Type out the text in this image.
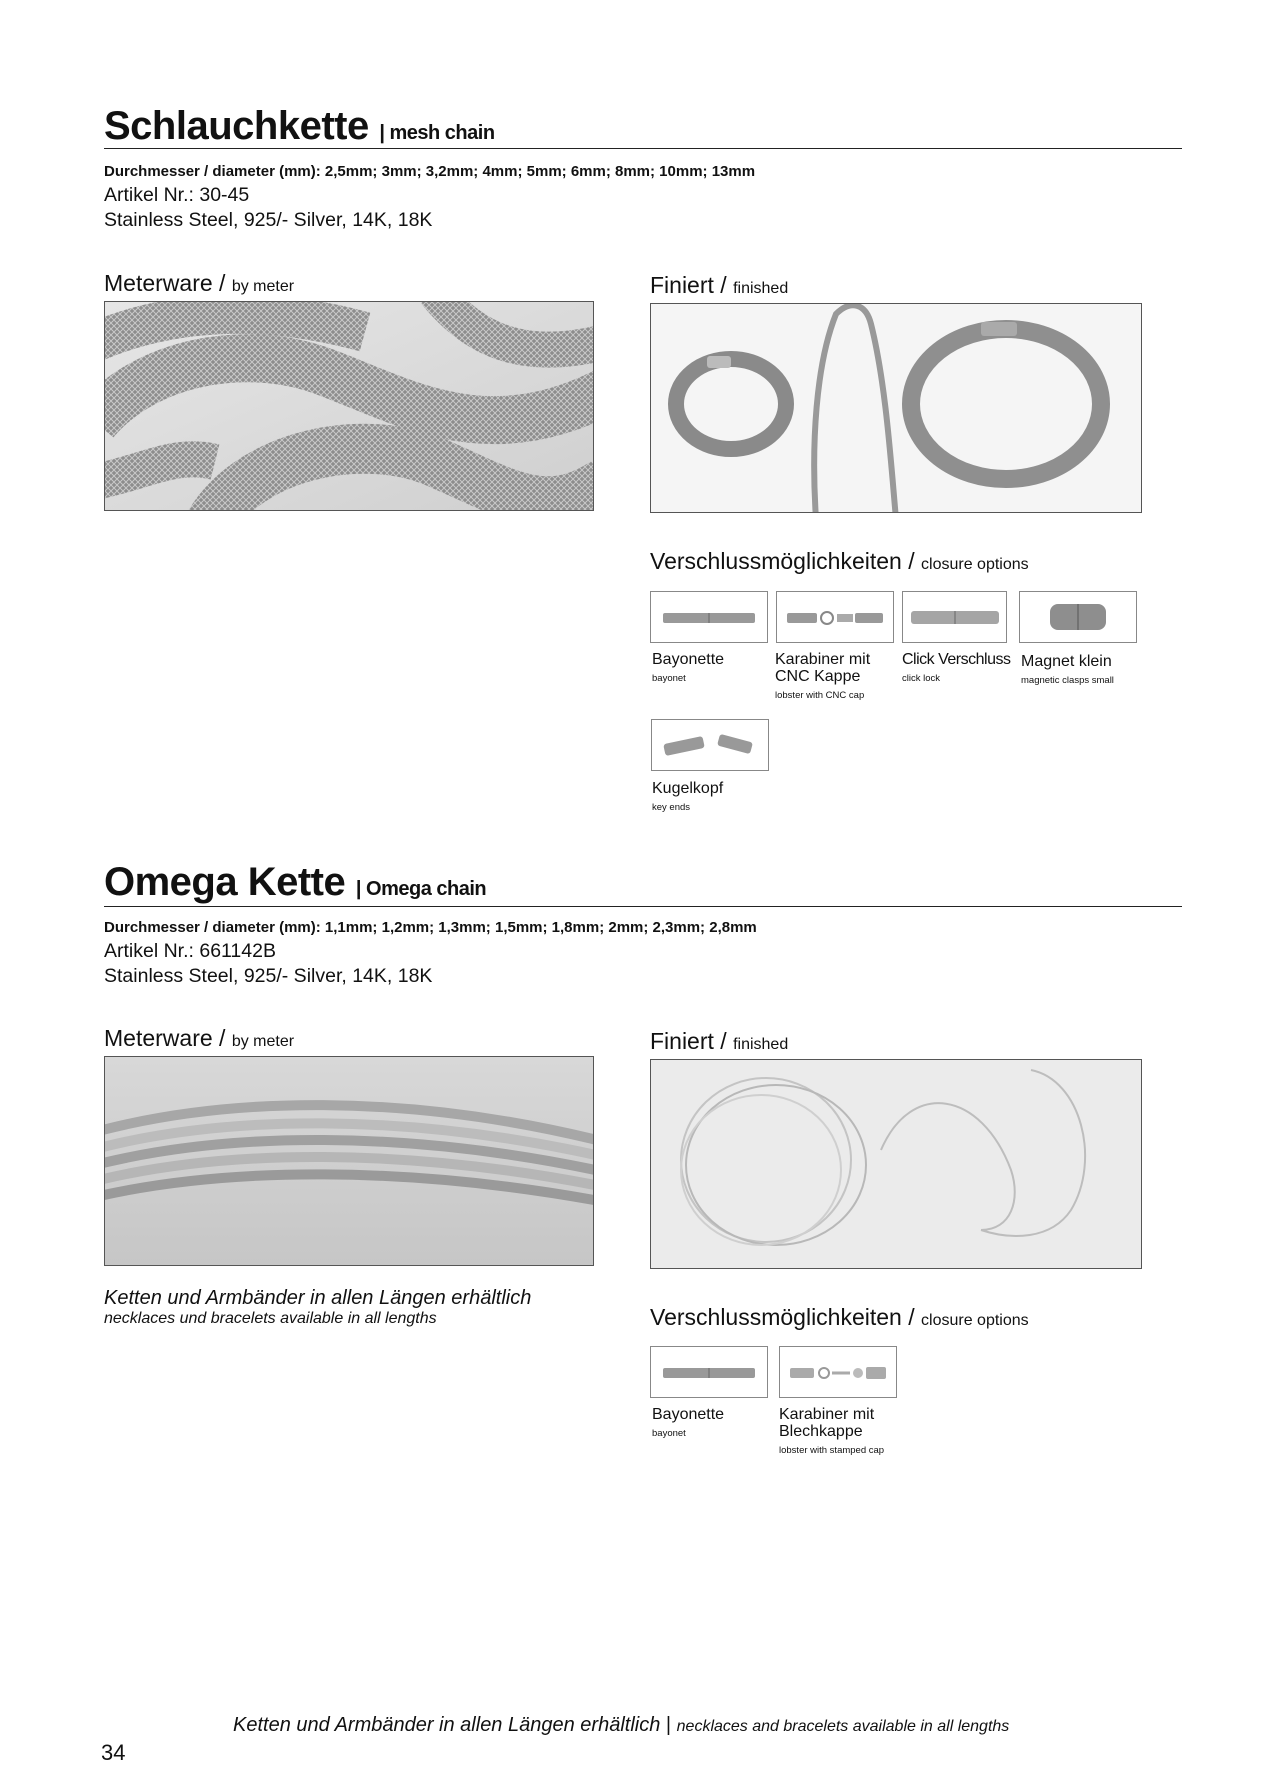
Schlauchkette | mesh chain
Durchmesser / diameter (mm): 2,5mm; 3mm; 3,2mm; 4mm; 5mm; 6mm; 8mm; 10mm; 13mm
Artikel Nr.: 30-45
Stainless Steel, 925/- Silver, 14K, 18K
Meterware / by meter	Finiert / finished
Verschlussmöglichkeiten / closure options
Bayonette
bayonet
Karabiner mit
CNC Kappe
lobster with CNC cap
Click Verschluss
click lock
Magnet klein
magnetic clasps small
Kugelkopf
key ends
Omega Kette | Omega chain
Durchmesser / diameter (mm): 1,1mm; 1,2mm; 1,3mm; 1,5mm; 1,8mm; 2mm; 2,3mm; 2,8mm
Artikel Nr.: 661142B
Stainless Steel, 925/- Silver, 14K, 18K
Meterware / by meter	Finiert / finished
Ketten und Armbänder in allen Längen erhältlich
necklaces und bracelets available in all lengths	Verschlussmöglichkeiten / closure options
Bayonette
bayonet
Karabiner mit
Blechkappe
lobster with stamped cap
Ketten und Armbänder in allen Längen erhältlich | necklaces and bracelets available in all lengths
34
